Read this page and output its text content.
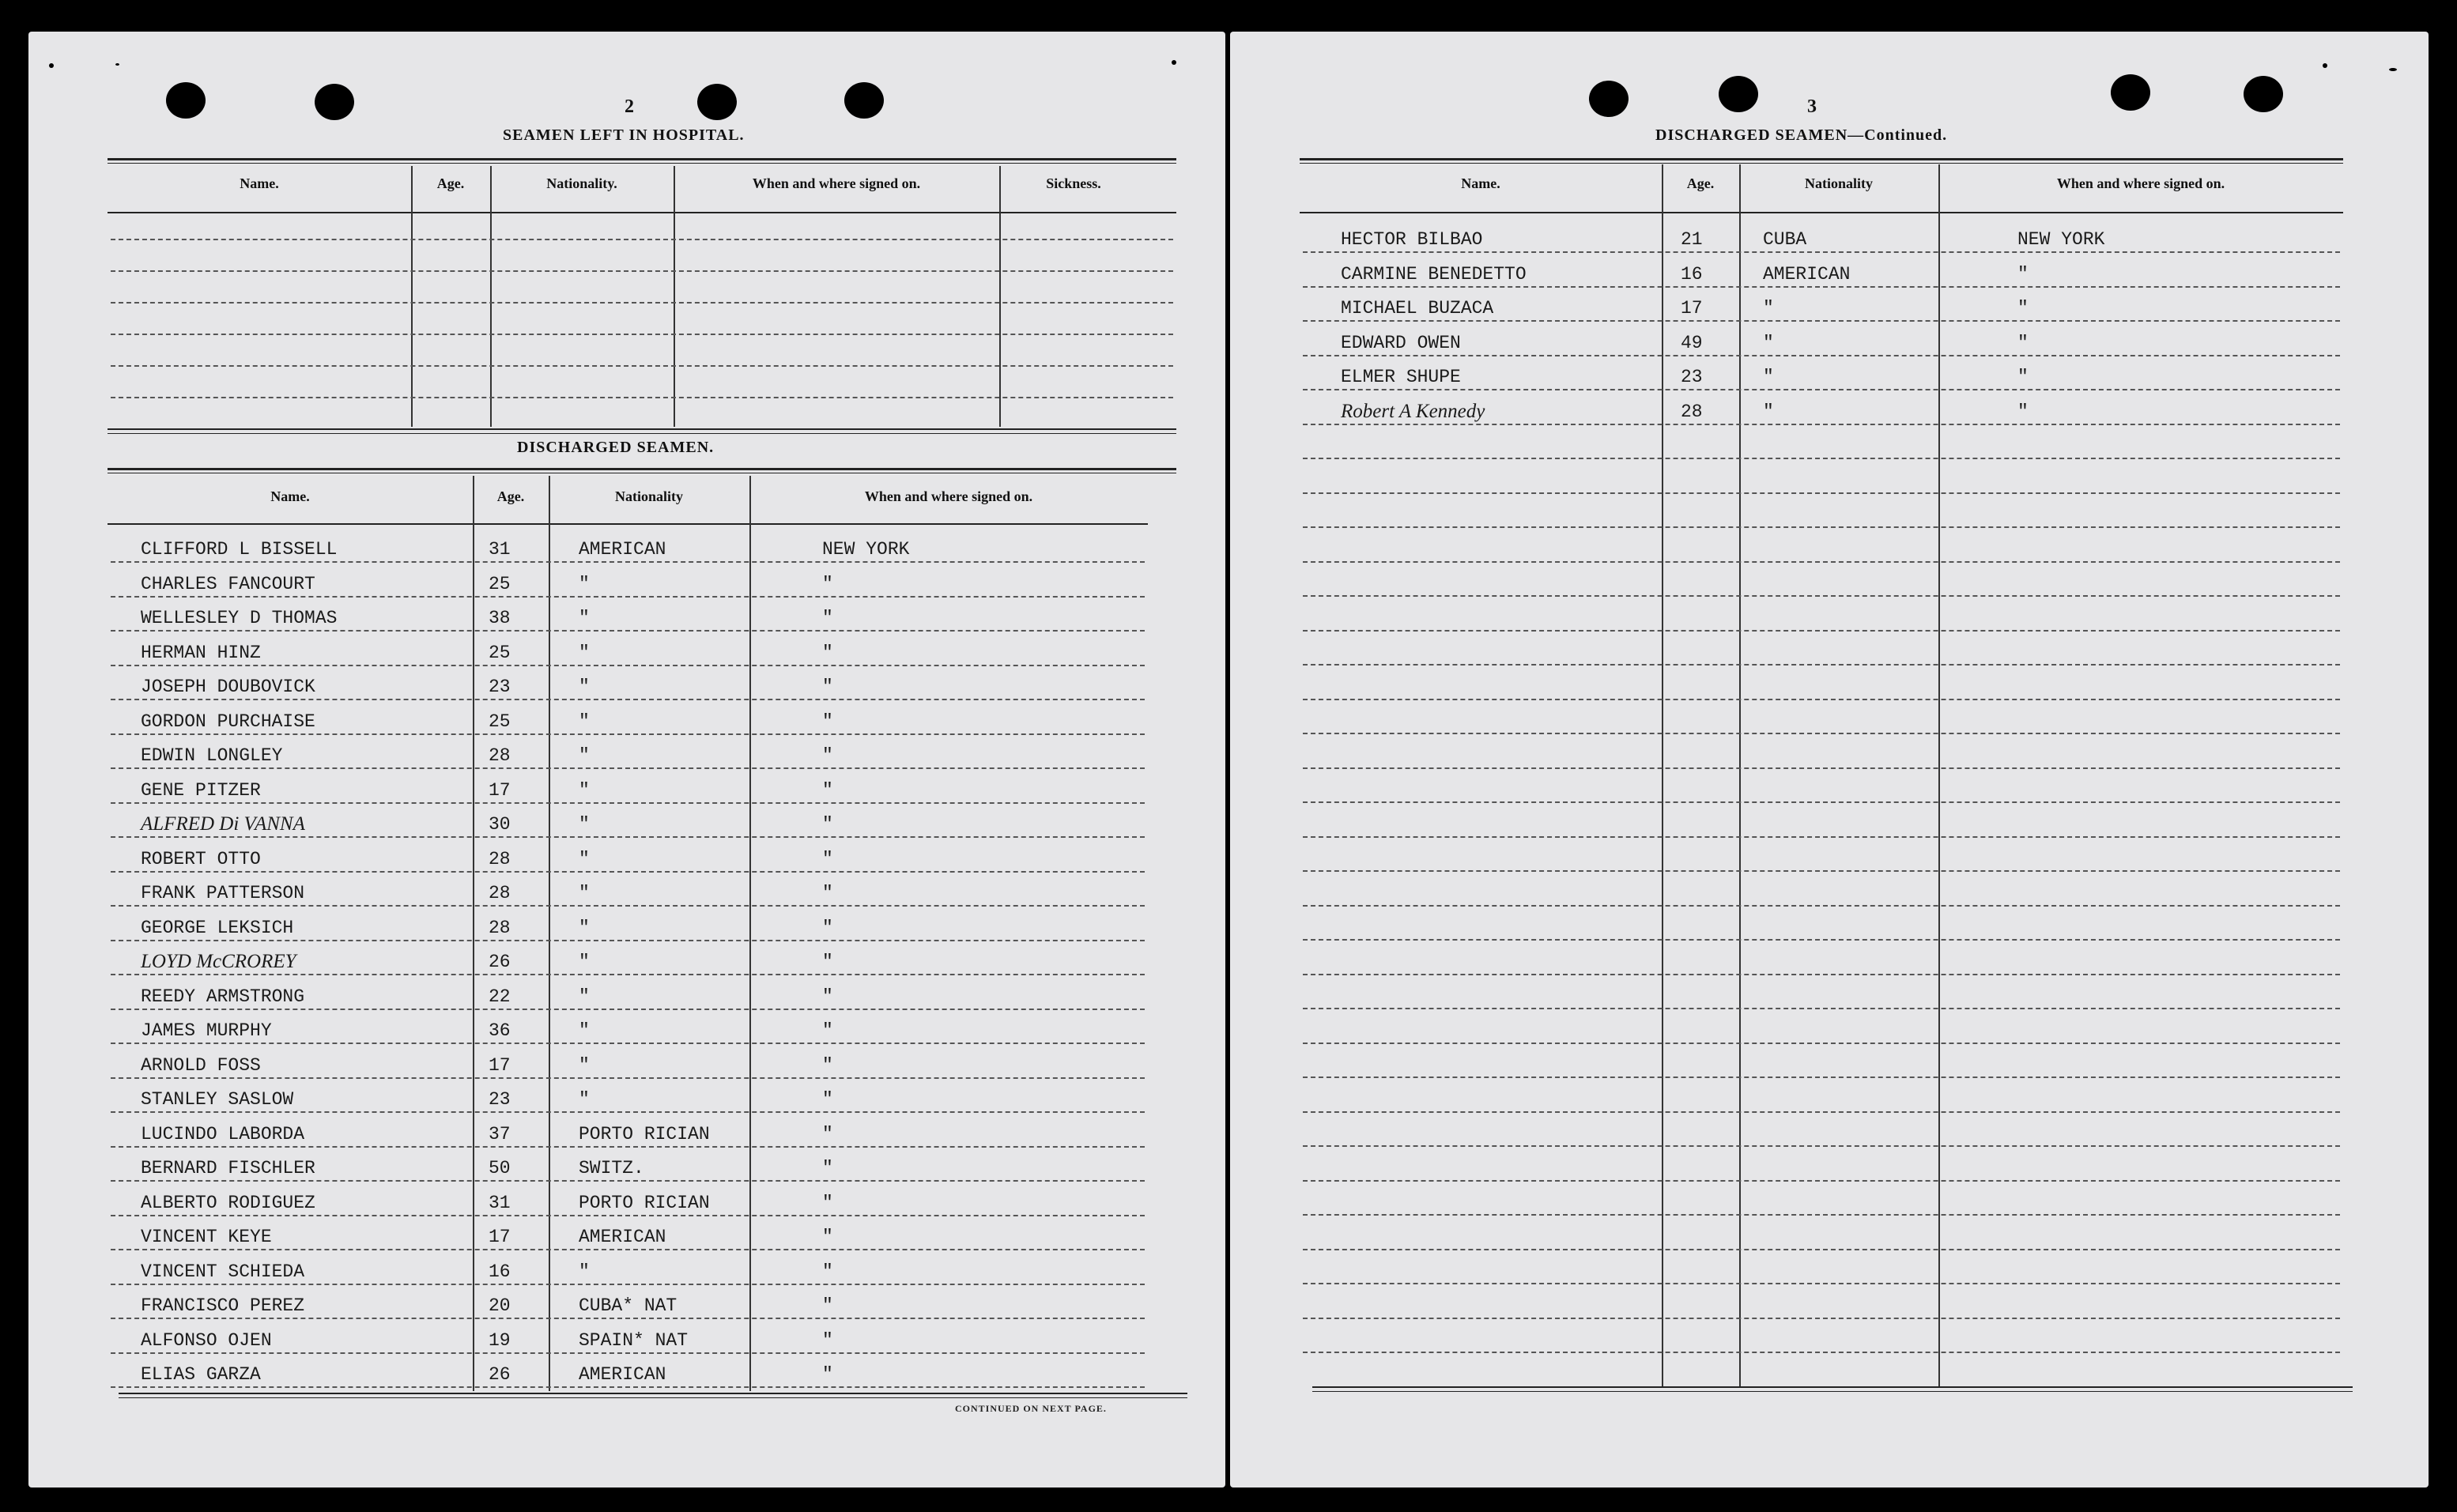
2
SEAMEN LEFT IN HOSPITAL.
DISCHARGED SEAMEN.
CONTINUED ON NEXT PAGE.
Name.	Age.	Nationality.	When and where signed on.	Sickness.
Name.	Age.	Nationality	When and where signed on.
CLIFFORD L BISSELL	31	AMERICAN	NEW YORK
CHARLES FANCOURT	25	"	"
WELLESLEY D THOMAS	38	"	"
HERMAN HINZ	25	"	"
JOSEPH DOUBOVICK	23	"	"
GORDON PURCHAISE	25	"	"
EDWIN LONGLEY	28	"	"
GENE PITZER	17	"	"
ALFRED Di VANNA	30	"	"
ROBERT OTTO	28	"	"
FRANK PATTERSON	28	"	"
GEORGE LEKSICH	28	"	"
LOYD McCROREY	26	"	"
REEDY ARMSTRONG	22	"	"
JAMES MURPHY	36	"	"
ARNOLD FOSS	17	"	"
STANLEY SASLOW	23	"	"
LUCINDO LABORDA	37	PORTO RICIAN	"
BERNARD FISCHLER	50	SWITZ.	"
ALBERTO RODIGUEZ	31	PORTO RICIAN	"
VINCENT KEYE	17	AMERICAN	"
VINCENT SCHIEDA	16	"	"
FRANCISCO PEREZ	20	CUBA* NAT	"
ALFONSO OJEN	19	SPAIN* NAT	"
ELIAS GARZA	26	AMERICAN	"
3
DISCHARGED SEAMEN—Continued.
Name.	Age.	Nationality	When and where signed on.
HECTOR BILBAO	21	CUBA	NEW YORK
CARMINE BENEDETTO	16	AMERICAN	"
MICHAEL BUZACA	17	"	"
EDWARD OWEN	49	"	"
ELMER SHUPE	23	"	"
Robert A Kennedy	28	"	"
